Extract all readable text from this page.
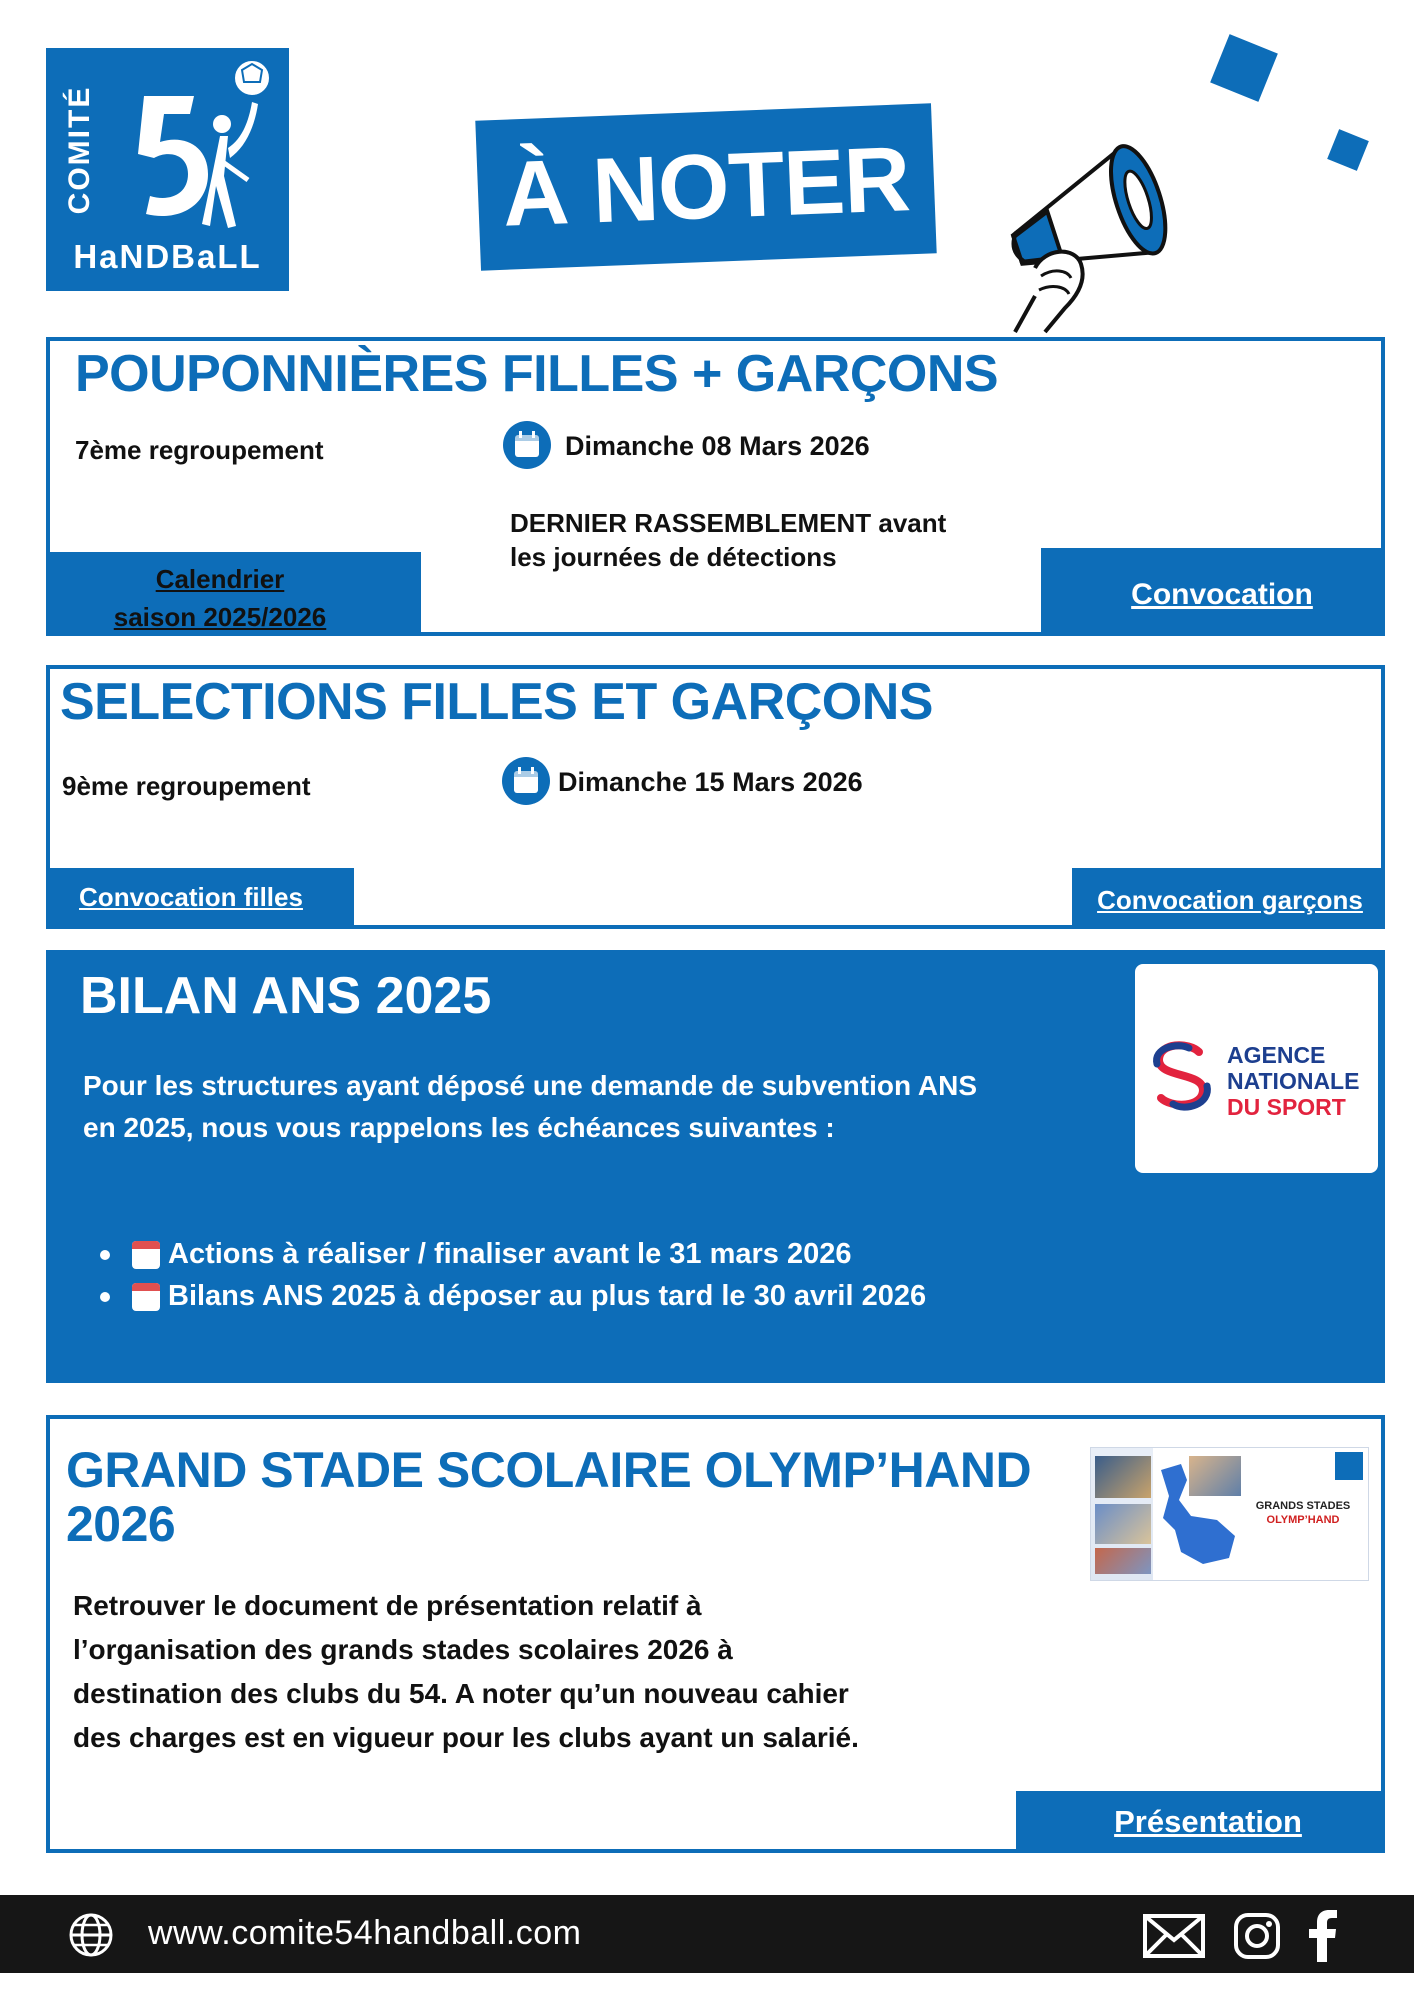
COMITÉ
HaNDBaLL
À NOTER
POUPONNIÈRES FILLES + GARÇONS
7ème regroupement	Dimanche 08 Mars 2026
DERNIER RASSEMBLEMENT avant
les journées de détections
Calendrier
saison 2025/2026
Convocation
SELECTIONS FILLES ET GARÇONS
9ème regroupement	Dimanche 15 Mars 2026
Convocation filles	Convocation garçons
BILAN ANS 2025
Pour les structures ayant déposé une demande de subvention ANS en 2025, nous vous rappelons les échéances suivantes :
Actions à réaliser / finaliser avant le 31 mars 2026
Bilans ANS 2025 à déposer au plus tard le 30 avril 2026
AGENCE
NATIONALE
DU SPORT
GRAND STADE SCOLAIRE OLYMP’HAND
2026
Retrouver le document de présentation relatif à
l’organisation des grands stades scolaires 2026 à
destination des clubs du 54. A noter qu’un nouveau cahier
des charges est en vigueur pour les clubs ayant un salarié.
GRANDS STADES
OLYMP’HAND
Présentation
www.comite54handball.com
